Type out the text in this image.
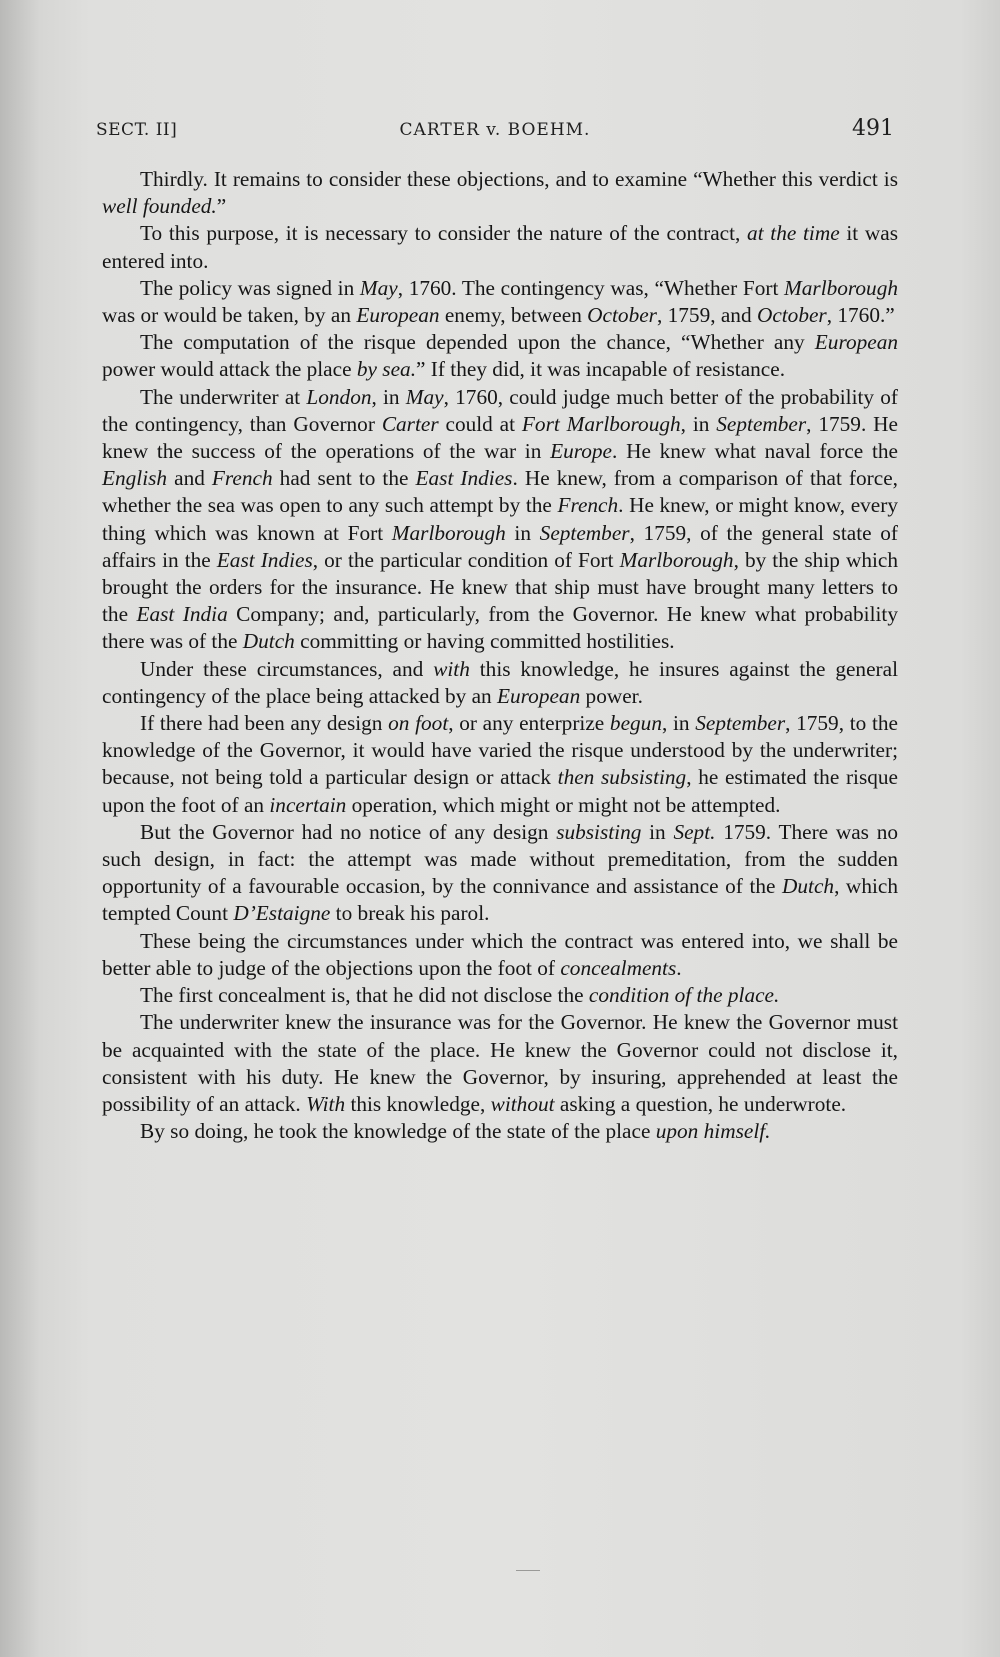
SECT. II]	CARTER v. BOEHM.	491

Thirdly. It remains to consider these objections, and to examine “Whether this verdict is well founded.”

To this purpose, it is necessary to consider the nature of the contract, at the time it was entered into.

The policy was signed in May, 1760. The contingency was, “Whether Fort Marlborough was or would be taken, by an European enemy, between October, 1759, and October, 1760.”

The computation of the risque depended upon the chance, “Whether any European power would attack the place by sea.” If they did, it was incapable of resistance.

The underwriter at London, in May, 1760, could judge much better of the probability of the contingency, than Governor Carter could at Fort Marlborough, in September, 1759. He knew the success of the operations of the war in Europe. He knew what naval force the English and French had sent to the East Indies. He knew, from a comparison of that force, whether the sea was open to any such attempt by the French. He knew, or might know, every thing which was known at Fort Marlborough in September, 1759, of the general state of affairs in the East Indies, or the particular condition of Fort Marlborough, by the ship which brought the orders for the insurance. He knew that ship must have brought many letters to the East India Company; and, particularly, from the Governor. He knew what probability there was of the Dutch committing or having committed hostilities.

Under these circumstances, and with this knowledge, he insures against the general contingency of the place being attacked by an European power.

If there had been any design on foot, or any enterprize begun, in September, 1759, to the knowledge of the Governor, it would have varied the risque understood by the underwriter; because, not being told a particular design or attack then subsisting, he estimated the risque upon the foot of an incertain operation, which might or might not be attempted.

But the Governor had no notice of any design subsisting in Sept. 1759. There was no such design, in fact: the attempt was made without premeditation, from the sudden opportunity of a favourable occasion, by the connivance and assistance of the Dutch, which tempted Count D’Estaigne to break his parol.

These being the circumstances under which the contract was entered into, we shall be better able to judge of the objections upon the foot of concealments.

The first concealment is, that he did not disclose the condition of the place.

The underwriter knew the insurance was for the Governor. He knew the Governor must be acquainted with the state of the place. He knew the Governor could not disclose it, consistent with his duty. He knew the Governor, by insuring, apprehended at least the possibility of an attack. With this knowledge, without asking a question, he underwrote.

By so doing, he took the knowledge of the state of the place upon himself.
